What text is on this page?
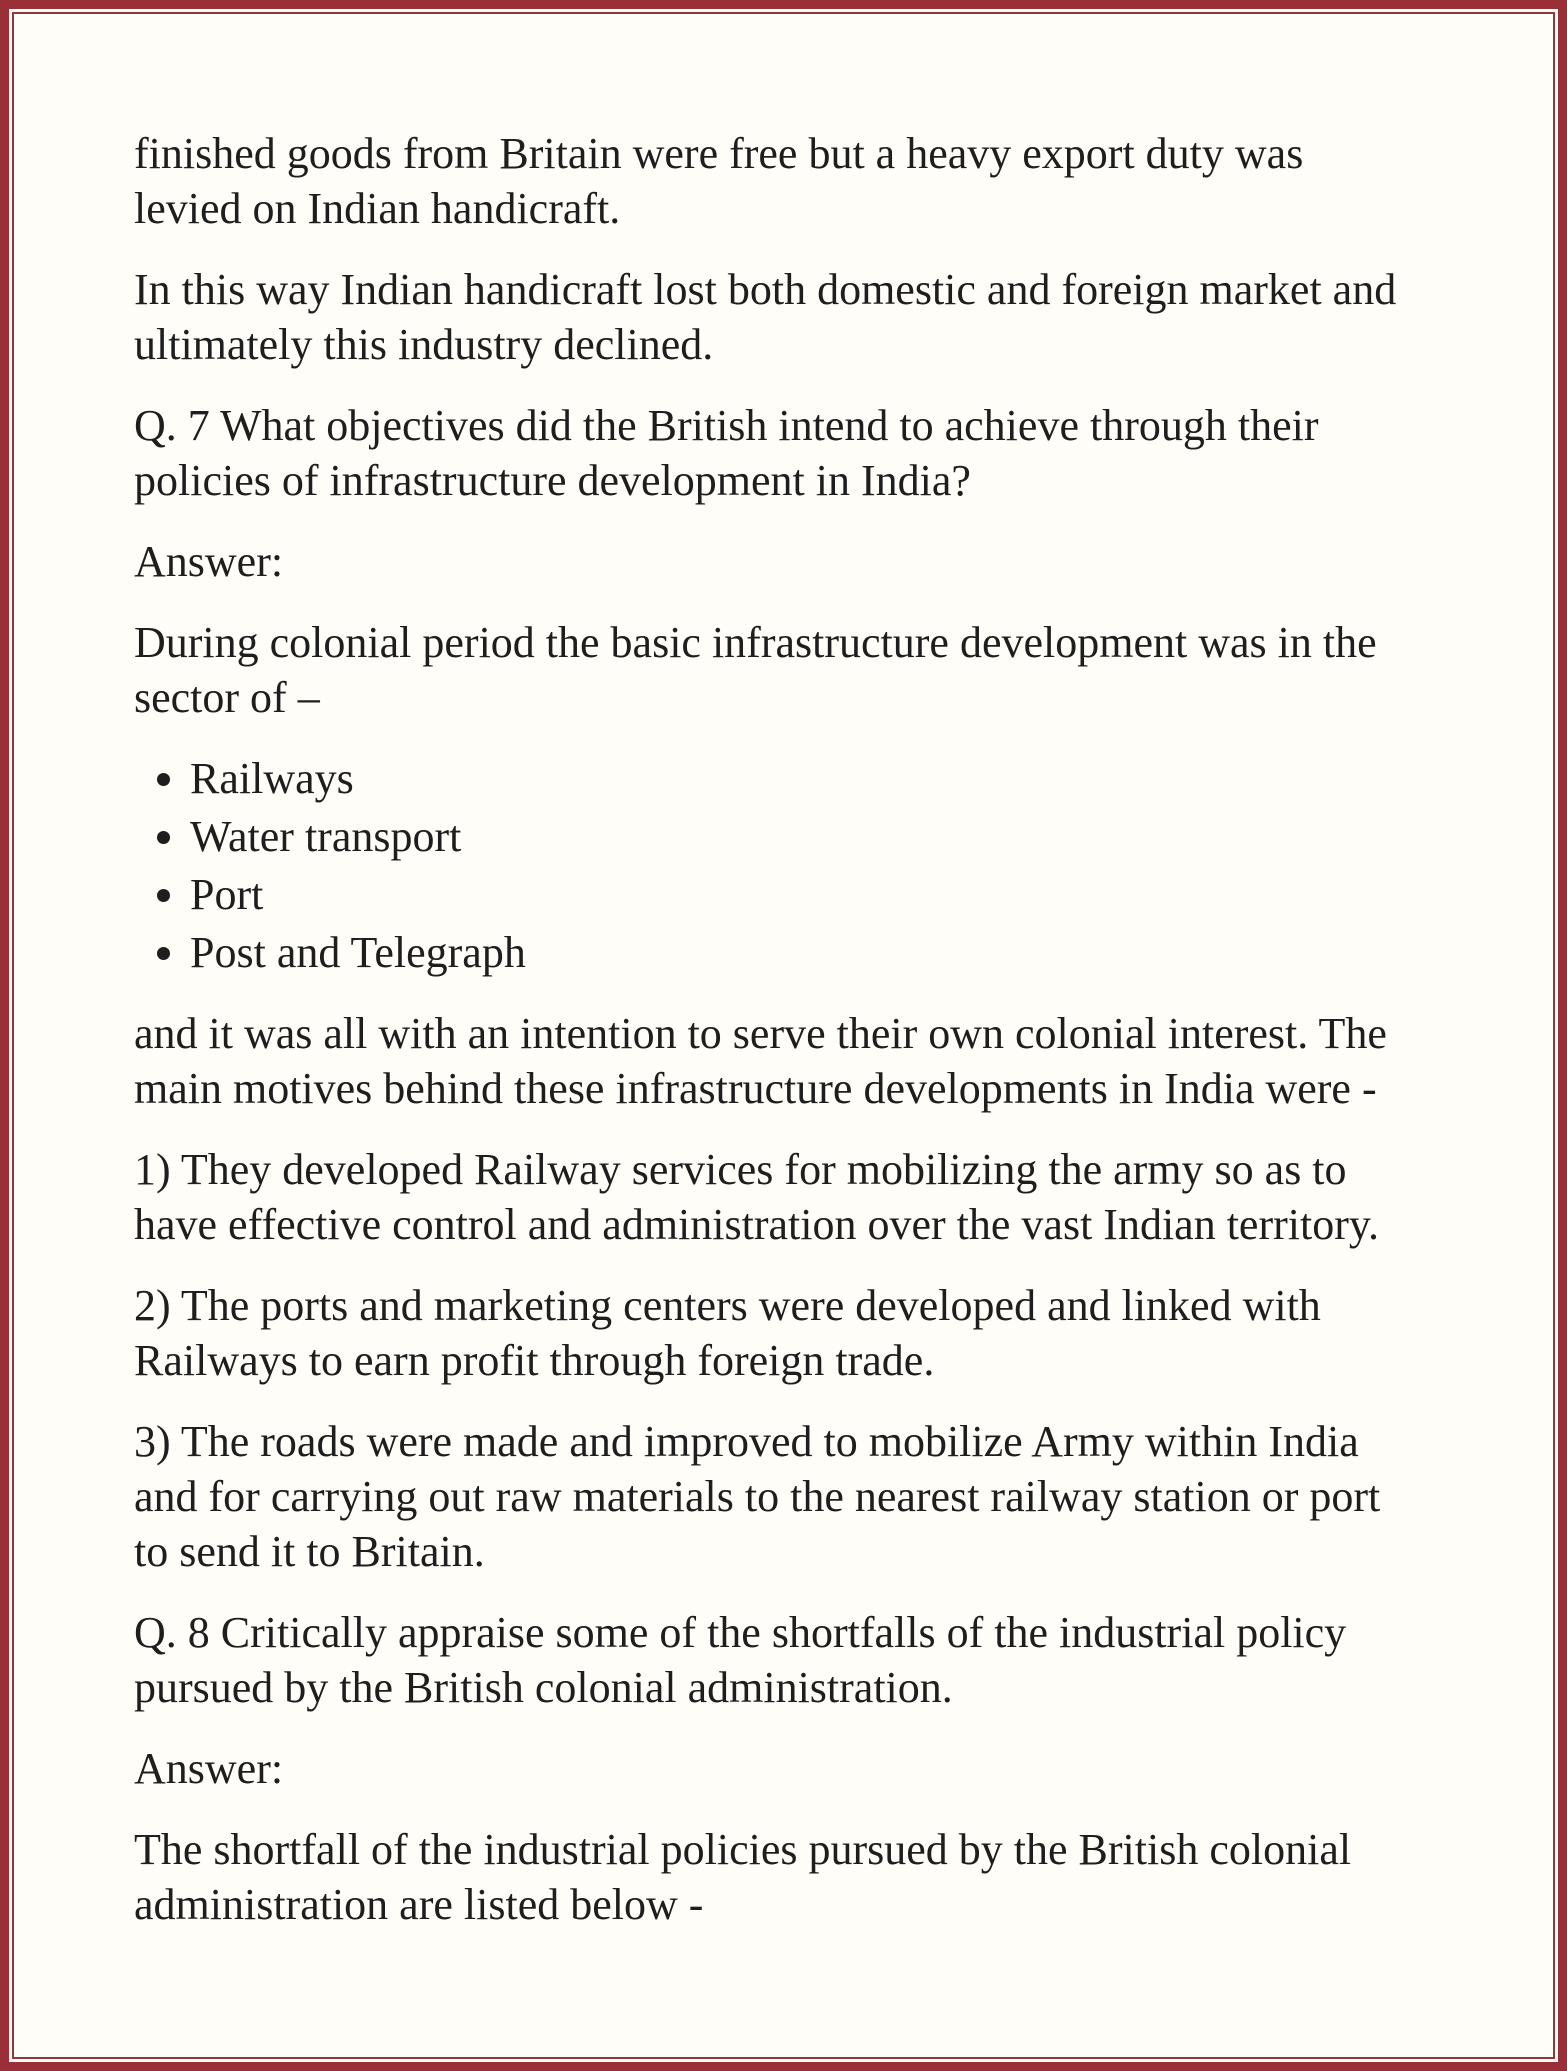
finished goods from Britain were free but a heavy export duty was levied on Indian handicraft.

In this way Indian handicraft lost both domestic and foreign market and ultimately this industry declined.

Q. 7 What objectives did the British intend to achieve through their policies of infrastructure development in India?

Answer:

During colonial period the basic infrastructure development was in the sector of –

• Railways
• Water transport
• Port
• Post and Telegraph

and it was all with an intention to serve their own colonial interest. The main motives behind these infrastructure developments in India were -

1) They developed Railway services for mobilizing the army so as to have effective control and administration over the vast Indian territory.

2) The ports and marketing centers were developed and linked with Railways to earn profit through foreign trade.

3) The roads were made and improved to mobilize Army within India and for carrying out raw materials to the nearest railway station or port to send it to Britain.

Q. 8 Critically appraise some of the shortfalls of the industrial policy pursued by the British colonial administration.

Answer:

The shortfall of the industrial policies pursued by the British colonial administration are listed below -
